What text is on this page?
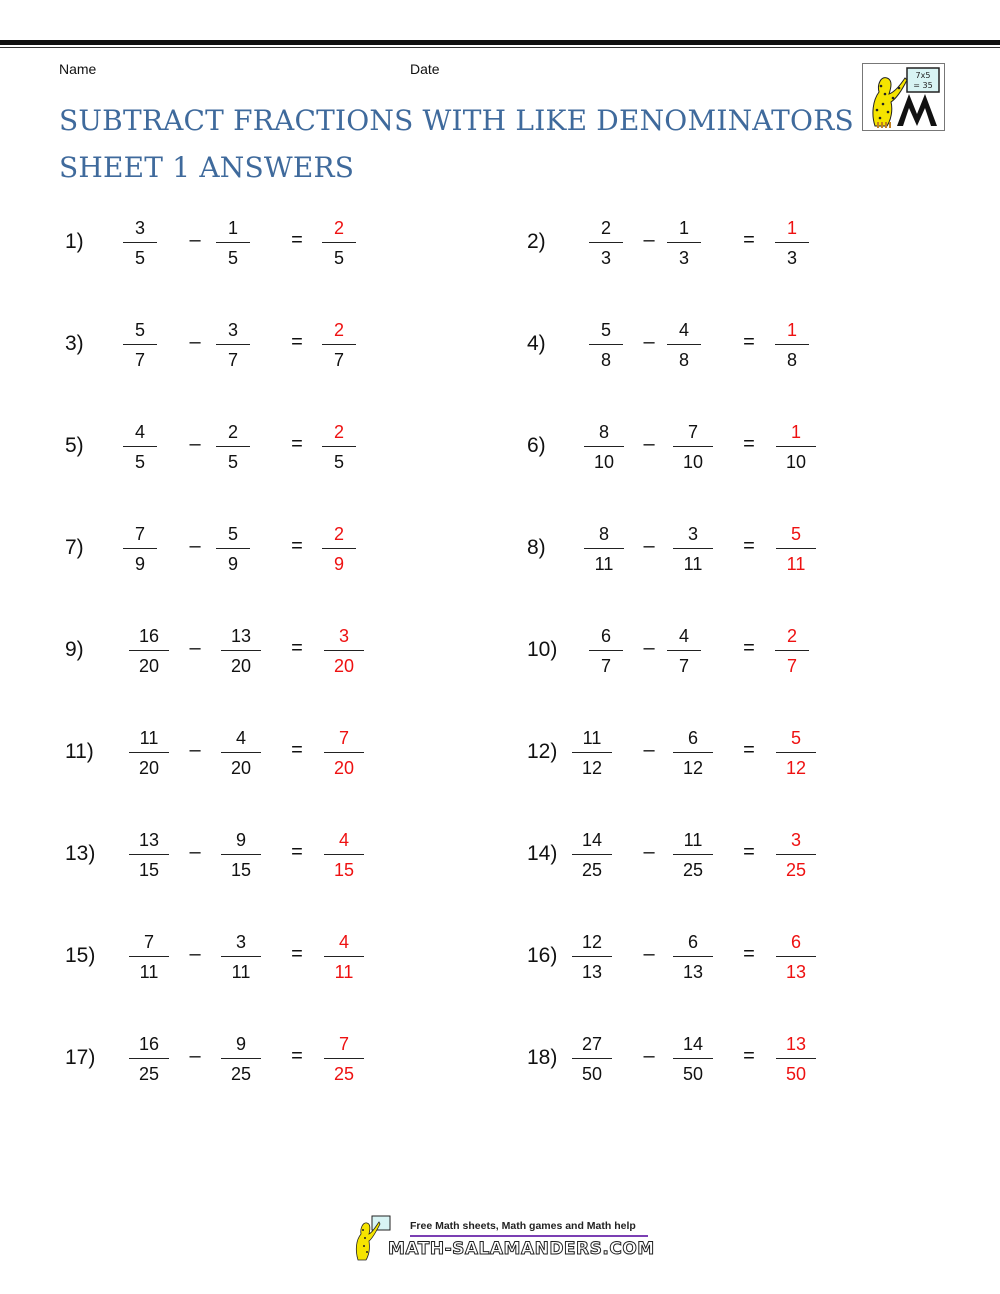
Name	Date
SUBTRACT FRACTIONS WITH LIKE DENOMINATORS
SHEET 1 ANSWERS
7x5
= 35
1)
3
5
–
1
5
=
2
5
2)
2
3
–
1
3
=
1
3
3)
5
7
–
3
7
=
2
7
4)
5
8
–
4
8
=
1
8
5)
4
5
–
2
5
=
2
5
6)
8
10
–
7
10
=
1
10
7)
7
9
–
5
9
=
2
9
8)
8
11
–
3
11
=
5
11
9)
16
20
–
13
20
=
3
20
10)
6
7
–
4
7
=
2
7
11)
11
20
–
4
20
=
7
20
12)
11
12
–
6
12
=
5
12
13)
13
15
–
9
15
=
4
15
14)
14
25
–
11
25
=
3
25
15)
7
11
–
3
11
=
4
11
16)
12
13
–
6
13
=
6
13
17)
16
25
–
9
25
=
7
25
18)
27
50
–
14
50
=
13
50
Free Math sheets, Math games and Math help
MATH-SALAMANDERS.COM
